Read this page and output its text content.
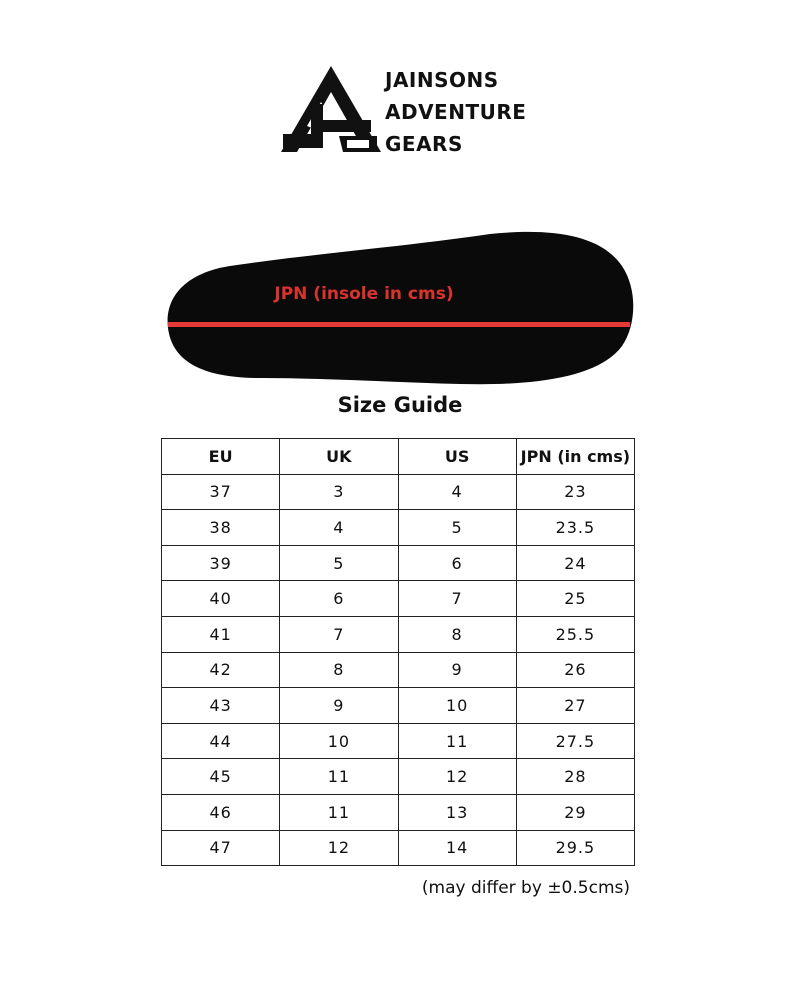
JAINSONS
ADVENTURE
GEARS
JPN (insole in cms)
Size Guide
EU	UK	US	JPN (in cms)
37	3	4	23
38	4	5	23.5
39	5	6	24
40	6	7	25
41	7	8	25.5
42	8	9	26
43	9	10	27
44	10	11	27.5
45	11	12	28
46	11	13	29
47	12	14	29.5
(may differ by ±0.5cms)
